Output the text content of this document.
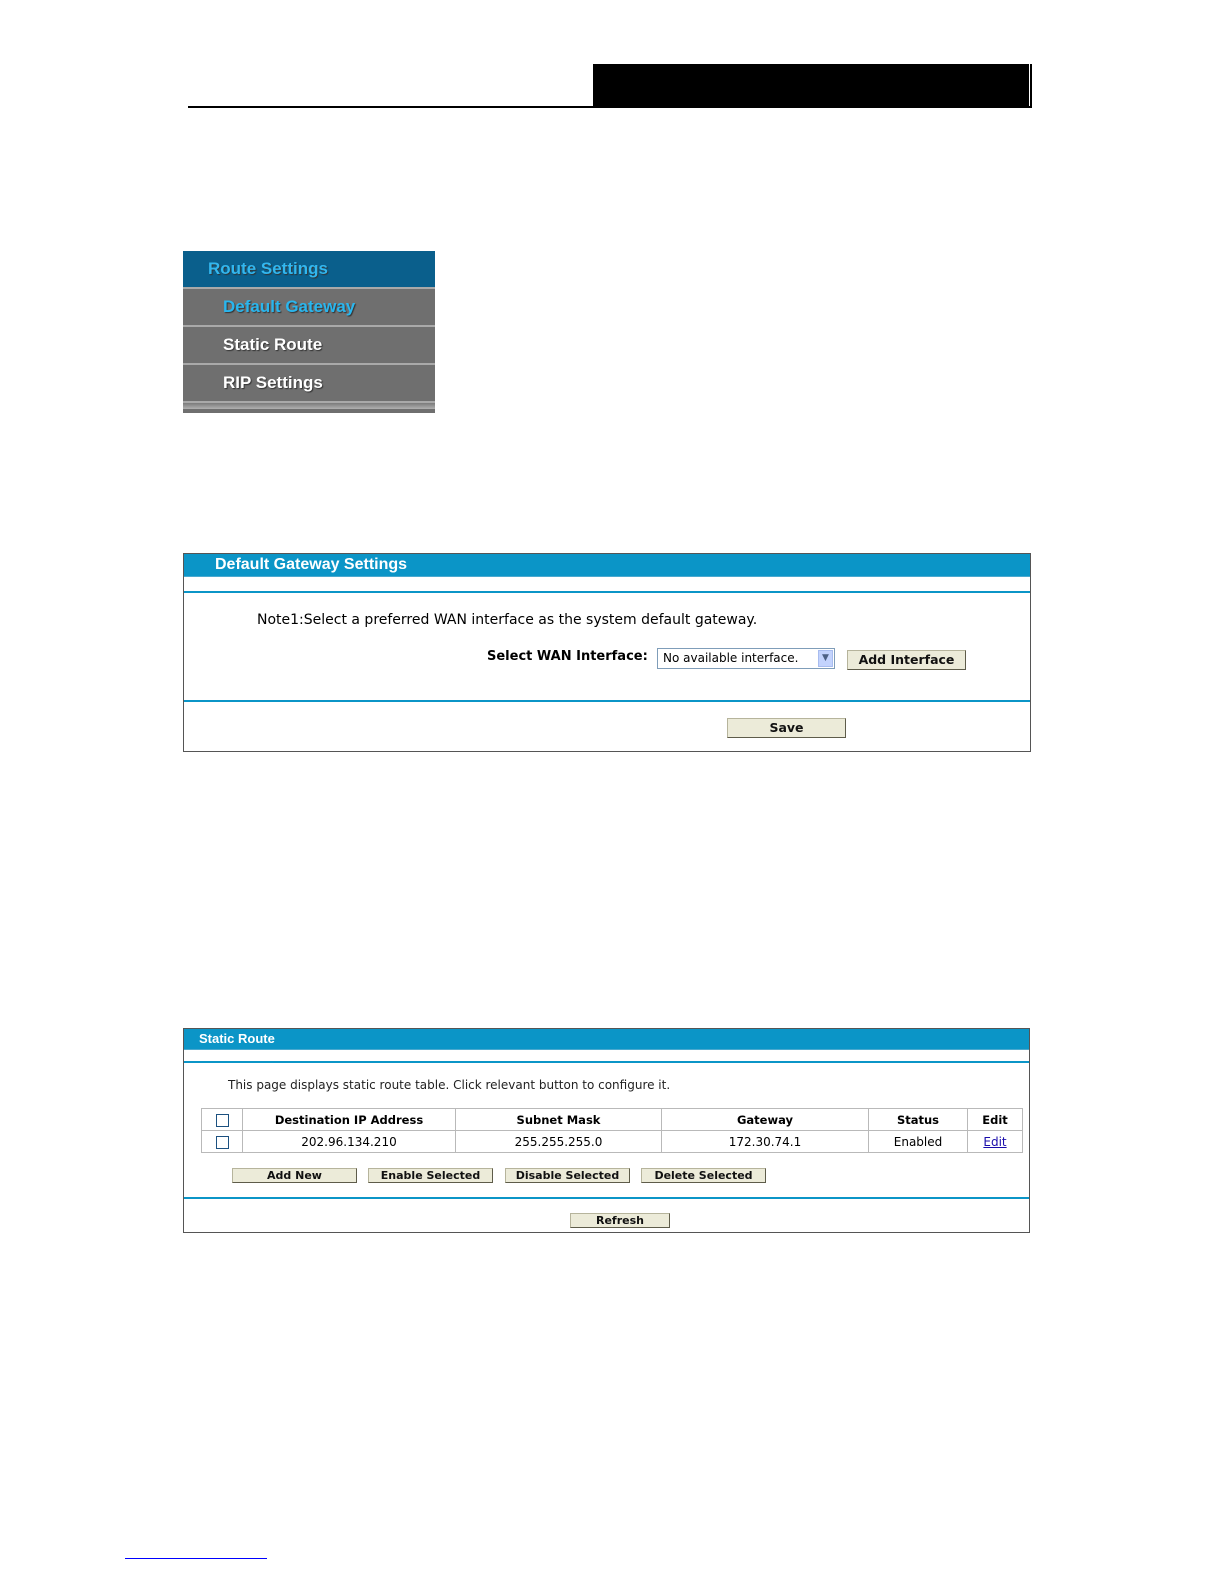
Route Settings
Default Gateway
Static Route
RIP Settings
Default Gateway Settings
Note1:Select a preferred WAN interface as the system default gateway.
Select WAN Interface:	No available interface.	▼	Add Interface
Save
Static Route
This page displays static route table. Click relevant button to configure it.
	Destination IP Address	Subnet Mask	Gateway	Status	Edit
	202.96.134.210	255.255.255.0	172.30.74.1	Enabled	Edit
Add New	Enable Selected	Disable Selected	Delete Selected
Refresh
